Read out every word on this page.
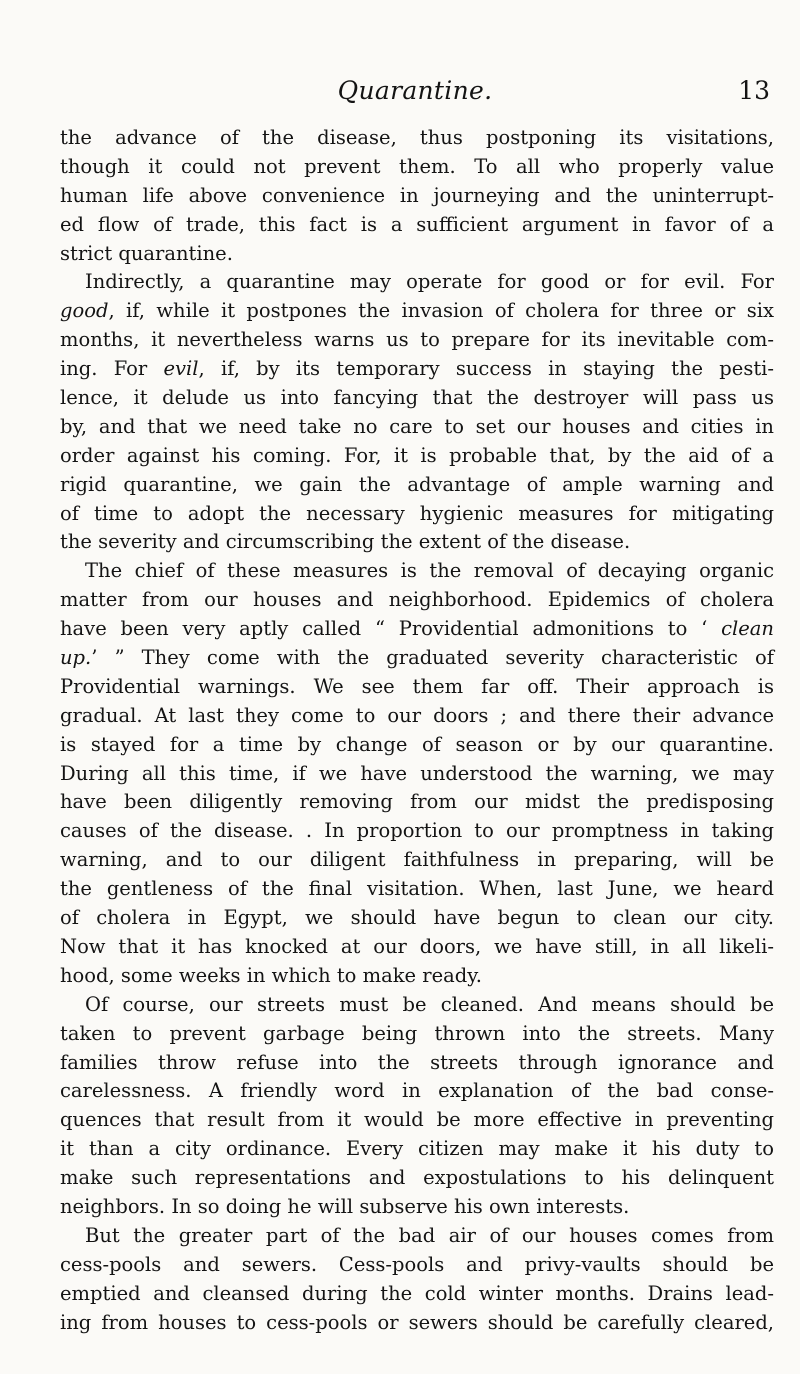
Quarantine.	13
the advance of the disease, thus postponing its visitations,
though it could not prevent them. To all who properly value
human life above convenience in journeying and the uninterrupt-
ed flow of trade, this fact is a sufficient argument in favor of a
strict quarantine.
Indirectly, a quarantine may operate for good or for evil. For
good, if, while it postpones the invasion of cholera for three or six
months, it nevertheless warns us to prepare for its inevitable com-
ing. For evil, if, by its temporary success in staying the pesti-
lence, it delude us into fancying that the destroyer will pass us
by, and that we need take no care to set our houses and cities in
order against his coming. For, it is probable that, by the aid of a
rigid quarantine, we gain the advantage of ample warning and
of time to adopt the necessary hygienic measures for mitigating
the severity and circumscribing the extent of the disease.
The chief of these measures is the removal of decaying organic
matter from our houses and neighborhood. Epidemics of cholera
have been very aptly called “ Providential admonitions to ‘ clean
up.’ ” They come with the graduated severity characteristic of
Providential warnings. We see them far off. Their approach is
gradual. At last they come to our doors ; and there their advance
is stayed for a time by change of season or by our quarantine.
During all this time, if we have understood the warning, we may
have been diligently removing from our midst the predisposing
causes of the disease. . In proportion to our promptness in taking
warning, and to our diligent faithfulness in preparing, will be
the gentleness of the final visitation. When, last June, we heard
of cholera in Egypt, we should have begun to clean our city.
Now that it has knocked at our doors, we have still, in all likeli-
hood, some weeks in which to make ready.
Of course, our streets must be cleaned. And means should be
taken to prevent garbage being thrown into the streets. Many
families throw refuse into the streets through ignorance and
carelessness. A friendly word in explanation of the bad conse-
quences that result from it would be more effective in preventing
it than a city ordinance. Every citizen may make it his duty to
make such representations and expostulations to his delinquent
neighbors. In so doing he will subserve his own interests.
But the greater part of the bad air of our houses comes from
cess-pools and sewers. Cess-pools and privy-vaults should be
emptied and cleansed during the cold winter months. Drains lead-
ing from houses to cess-pools or sewers should be carefully cleared,
